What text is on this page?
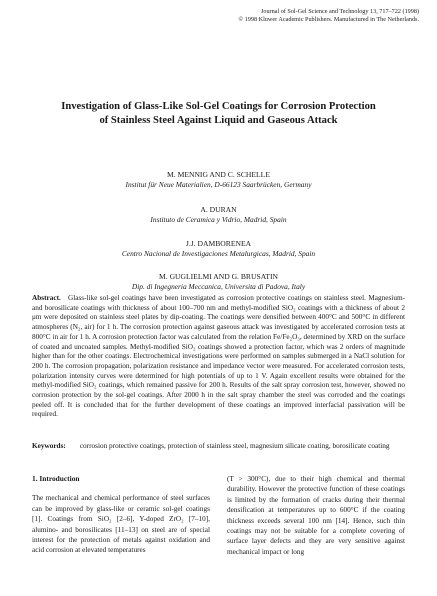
Journal of Sol-Gel Science and Technology 13, 717–722 (1998)
© 1998 Kluwer Academic Publishers. Manufactured in The Netherlands.
Investigation of Glass-Like Sol-Gel Coatings for Corrosion Protection
of Stainless Steel Against Liquid and Gaseous Attack
M. MENNIG AND C. SCHELLE
Institut für Neue Materialien, D-66123 Saarbrücken, Germany
A. DURAN
Instituto de Ceramica y Vidrio, Madrid, Spain
J.J. DAMBORENEA
Centro Nacional de Investigaciones Metalurgicas, Madrid, Spain
M. GUGLIELMI AND G. BRUSATIN
Dip. di Ingegneria Meccanica, Universita di Padova, Italy

Abstract. Glass-like sol-gel coatings have been investigated as corrosion protective coatings on stainless steel. Magnesium- and borosilicate coatings with thickness of about 100–700 nm and methyl-modified SiO₂ coatings with a thickness of about 2 μm were deposited on stainless steel plates by dip-coating. The coatings were densified between 400°C and 500°C in different atmospheres (N₂, air) for 1 h. The corrosion protection against gaseous attack was investigated by accelerated corrosion tests at 800°C in air for 1 h. A corrosion protection factor was calculated from the relation Fe/Fe₂O₃, determined by XRD on the surface of coated and uncoated samples. Methyl-modified SiO₂ coatings showed a protection factor, which was 2 orders of magnitude higher than for the other coatings. Electrochemical investigations were performed on samples submerged in a NaCl solution for 200 h. The corrosion propagation, polarization resistance and impedance vector were measured. For accelerated corrosion tests, polarization intensity curves were determined for high potentials of up to 1 V. Again excellent results were obtained for the methyl-modified SiO₂ coatings, which remained passive for 200 h. Results of the salt spray corrosion test, however, showed no corrosion protection by the sol-gel coatings. After 2000 h in the salt spray chamber the steel was corroded and the coatings peeled off. It is concluded that for the further development of these coatings an improved interfacial passivation will be required.

Keywords: corrosion protective coatings, protection of stainless steel, magnesium silicate coating, borosilicate coating
1. Introduction

The mechanical and chemical performance of steel surfaces can be improved by glass-like or ceramic sol-gel coatings [1]. Coatings from SiO₂ [2–6], Y-doped ZrO₂ [7–10], alumino- and borosilicates [11–13] on steel are of special interest for the protection of metals against oxidation and acid corrosion at elevated temperatures

(T > 300°C), due to their high chemical and thermal durability. However the protective function of these coatings is limited by the formation of cracks during their thermal densification at temperatures up to 600°C if the coating thickness exceeds several 100 nm [14]. Hence, such thin coatings may not be suitable for a complete covering of surface layer defects and they are very sensitive against mechanical impact or long
